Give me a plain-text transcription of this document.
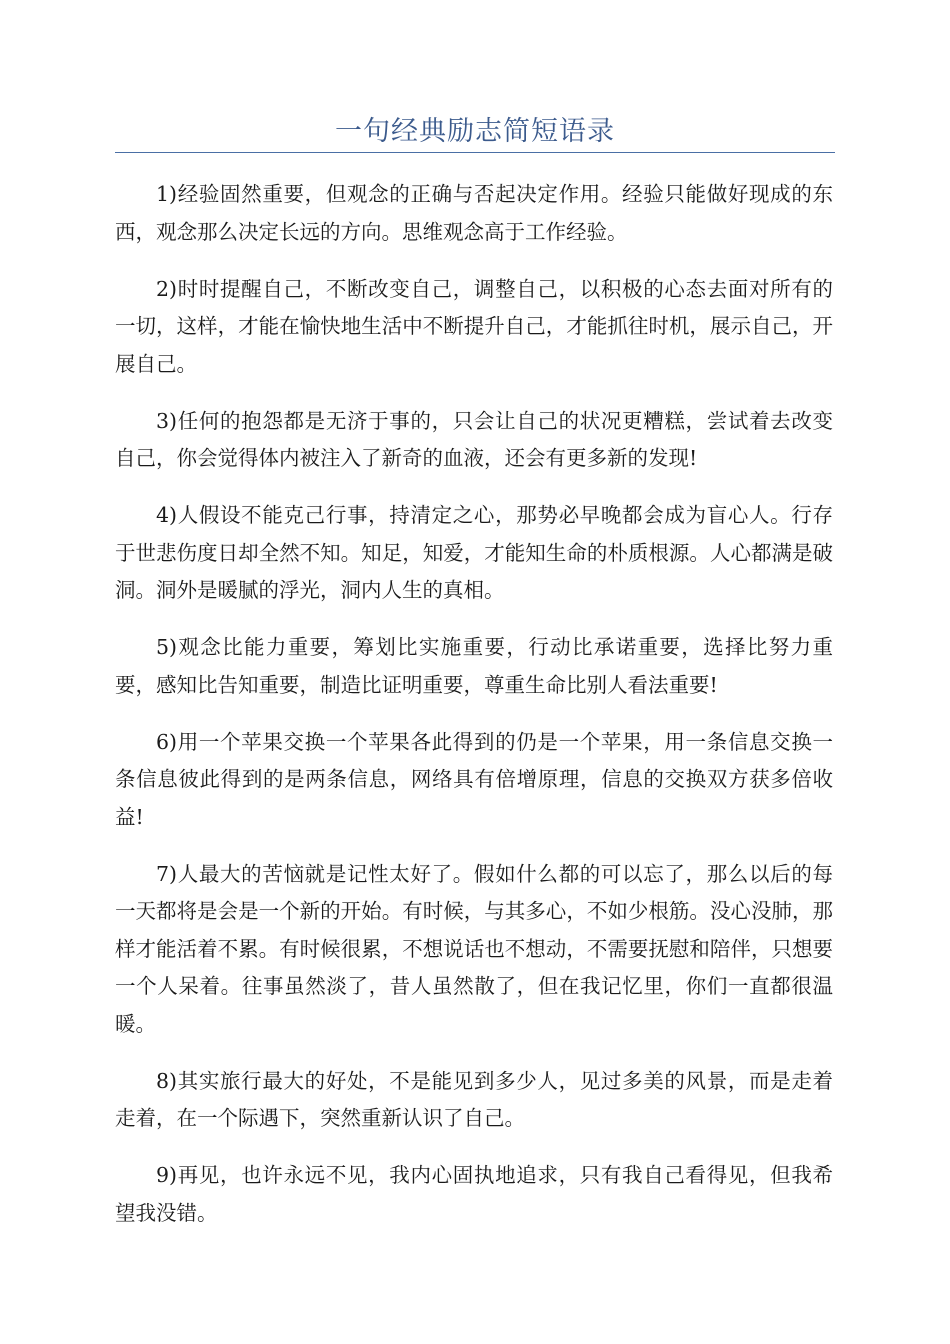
一句经典励志简短语录

1)经验固然重要，但观念的正确与否起决定作用。经验只能做好现成的东西，观念那么决定长远的方向。思维观念高于工作经验。

2)时时提醒自己，不断改变自己，调整自己，以积极的心态去面对所有的一切，这样，才能在愉快地生活中不断提升自己，才能抓往时机，展示自己，开展自己。

3)任何的抱怨都是无济于事的，只会让自己的状况更糟糕，尝试着去改变自己，你会觉得体内被注入了新奇的血液，还会有更多新的发现!

4)人假设不能克己行事，持清定之心，那势必早晚都会成为盲心人。行存于世悲伤度日却全然不知。知足，知爱，才能知生命的朴质根源。人心都满是破洞。洞外是暖腻的浮光，洞内人生的真相。

5)观念比能力重要，筹划比实施重要，行动比承诺重要，选择比努力重要，感知比告知重要，制造比证明重要，尊重生命比别人看法重要!

6)用一个苹果交换一个苹果各此得到的仍是一个苹果，用一条信息交换一条信息彼此得到的是两条信息，网络具有倍增原理，信息的交换双方获多倍收益!

7)人最大的苦恼就是记性太好了。假如什么都的可以忘了，那么以后的每一天都将是会是一个新的开始。有时候，与其多心，不如少根筋。没心没肺，那样才能活着不累。有时候很累，不想说话也不想动，不需要抚慰和陪伴，只想要一个人呆着。往事虽然淡了，昔人虽然散了，但在我记忆里，你们一直都很温暖。

8)其实旅行最大的好处，不是能见到多少人，见过多美的风景，而是走着走着，在一个际遇下，突然重新认识了自己。

9)再见，也许永远不见，我内心固执地追求，只有我自己看得见，但我希望我没错。
